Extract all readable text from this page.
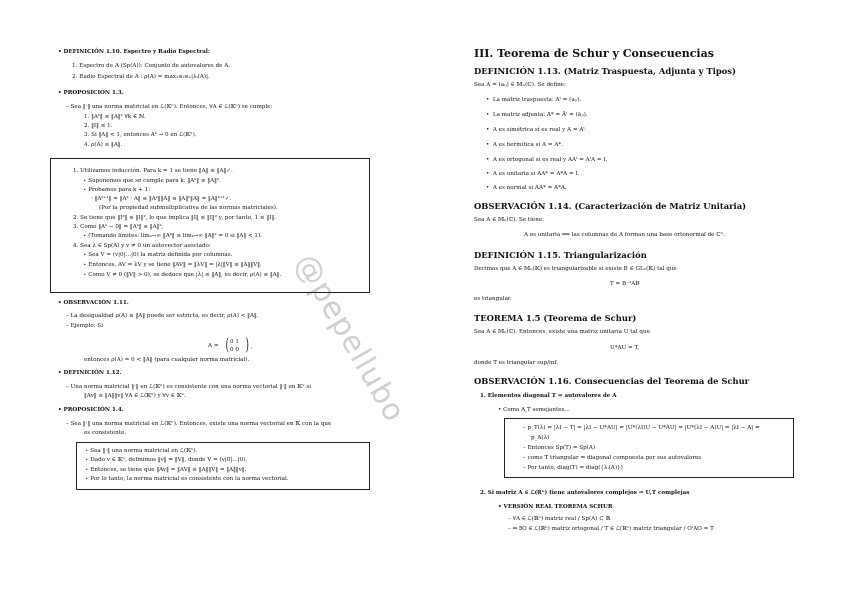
@pepellubo
• DEFINICIÓN 1.10. Espectro y Radio Espectral:
1. Espectro de A (Sp(A)): Conjunto de autovalores de A.
2. Radio Espectral de A : ρ(A) = max₁≤ᵢ≤ₙ|λᵢ(A)|.
• PROPOSICIÓN 1.3.
– Sea ‖·‖ una norma matricial en ℒ(𝕂ⁿ). Entonces, ∀A ∈ ℒ(𝕂ⁿ) se cumple:
1. ‖Aᵏ‖ ≤ ‖A‖ᵏ ∀k ∈ ℕ.
2. ‖I‖ ≤ 1.
3. Si ‖A‖ < 1, entonces Aᵏ → 0 en ℒ(𝕂ⁿ).
4. ρ(A) ≤ ‖A‖.
1. Utilizamos inducción. Para k = 1 se tiene ‖A‖ ≤ ‖A‖✓.
⋆ Suponemos que se cumple para k: ‖Aᵏ‖ ≤ ‖A‖ᵏ.
⋆ Probamos para k + 1:
· ‖Aᵏ⁺¹‖ = ‖Aᵏ · A‖ ≤ ‖Aᵏ‖‖A‖ ≤ ‖A‖ᵏ‖A‖ = ‖A‖ᵏ⁺¹✓.
(Por la propiedad submultiplicativa de las normas matriciales).
2. Se tiene que ‖I²‖ ≤ ‖I‖², lo que implica ‖I‖ ≤ ‖I‖² y, por tanto, 1 ≤ ‖I‖.
3. Como ‖Aᵏ − 0‖ = ‖Aᵏ‖ ≤ ‖A‖ᵏ,
⋆ (Tomando límites: limₖ→∞ ‖Aᵏ‖ ≤ limₖ→∞ ‖A‖ᵏ = 0 si ‖A‖ < 1).
4. Sea λ ∈ Sp(A) y v ≠ 0 un autovector asociado:
⋆ Sea V = (v|0|…|0) la matriz definida por columnas.
⋆ Entonces, AV = λV y se tiene ‖AV‖ = ‖λV‖ = |λ|‖V‖ ≤ ‖A‖‖V‖.
⋆ Como V ≠ 0 (‖V‖ > 0), se deduce que |λ| ≤ ‖A‖, es decir, ρ(A) ≤ ‖A‖.
• OBSERVACIÓN 1.11.
– La desigualdad ρ(A) ≤ ‖A‖ puede ser estricta, es decir, ρ(A) < ‖A‖.
– Ejemplo: Si
A = ( 0 1
0 0 ) ,
entonces ρ(A) = 0 < ‖A‖ (para cualquier norma matricial).
• DEFINICIÓN 1.12.
– Una norma matricial ‖·‖ en ℒ(𝕂ⁿ) es consistente con una norma vectorial ‖·‖ en 𝕂ⁿ si
‖Av‖ ≤ ‖A‖‖v‖ ∀A ∈ ℒ(𝕂ⁿ) y ∀v ∈ 𝕂ⁿ.
• PROPOSICIÓN 1.4.
– Sea ‖·‖ una norma matricial en ℒ(𝕂ⁿ). Entonces, existe una norma vectorial en 𝕂 con la que
es consistente.
⋆ Sea ‖·‖ una norma matricial en ℒ(𝕂ⁿ).
⋆ Dado v ∈ 𝕂ⁿ, definimos ‖v‖ = ‖V‖, donde V = (v|0|…|0).
⋆ Entonces, se tiene que ‖Av‖ = ‖AV‖ ≤ ‖A‖‖V‖ = ‖A‖‖v‖.
⋆ Por lo tanto, la norma matricial es consistente con la norma vectorial.
III. Teorema de Schur y Consecuencias
DEFINICIÓN 1.13. (Matriz Traspuesta, Adjunta y Tipos)
Sea A = (aᵢⱼ) ∈ 𝕄ₙ(ℂ). Se define:
•  La matriz traspuesta: Aᵗ = (aⱼᵢ).
•  La matriz adjunta: A* = Āᵗ = (āⱼᵢ).
•  A es simétrica si es real y A = Aᵗ.
•  A es hermítica si A = A*.
•  A es ortogonal si es real y AAᵗ = AᵗA = I.
•  A es unitaria si AA* = A*A = I.
•  A es normal si AA* = A*A.
OBSERVACIÓN 1.14. (Caracterización de Matriz Unitaria)
Sea A ∈ 𝕄ₙ(ℂ). Se tiene:
A es unitaria ⟺ las columnas de A forman una base ortonormal de ℂⁿ.
DEFINICIÓN 1.15. Triangularización
Decimos que A ∈ 𝕄ₙ(𝕂) es triangularizable si existe B ∈ GLₙ(𝕂) tal que
T = B⁻¹AB
es triangular.
TEOREMA 1.5 (Teorema de Schur)
Sea A ∈ 𝕄ₙ(ℂ). Entonces, existe una matriz unitaria U tal que
U*AU = T,
donde T es triangular sup/inf.
OBSERVACIÓN 1.16. Consecuencias del Teorema de Schur
1. Elementos diagonal T = autovalores de A
• Como A,T semejantes...
– p_T(λ) = |λI − T| = |λI − U*AU| = |U*(λI)U − U*AU| = |U*(λI − A)U| = |λI − A| =
p_A(λ)
– Entonces Sp(T) = Sp(A)
– como T triangular ⇒ diagonal compuesta por sus autovalores
– Por tanto, diag(T) = diag({λᵢ(A)})
2. Si matriz A ∈ ℒ(ℝⁿ) tiene autovalores complejos ⇒ U,T complejas
• VERSIÓN REAL TEOREMA SCHUR
– ∀A ∈ ℒ(ℝⁿ) matriz real / Sp(A) ⊂ ℝ
– ⇒ ∃O ∈ ℒ(ℝⁿ) matriz ortogonal / T ∈ ℒ(ℝⁿ) matriz triangular / OᵗAO = T
